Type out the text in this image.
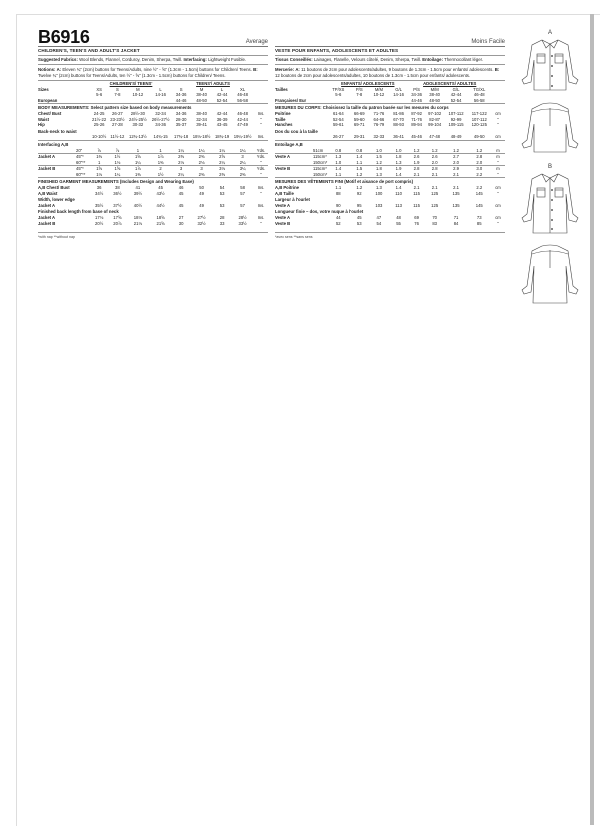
B6916	Average
CHILDREN'S, TEEN'S AND ADULT'S JACKET
Suggested Fabrics: Wool Blends, Flannel, Corduroy, Denim, Sherpa, Twill. Interfacing: Lightweight Fusible.
Notions: A: Eleven ¾" (2cm) buttons for Teens/Adults, nine ½" - ⅝" (1.3cm - 1.5cm) buttons for Children/ Teens. B: Twelve ¾" (2cm) buttons for Teens/Adults, ten ½" - ⅝" (1.3cm - 1.5cm) buttons for Children/ Teens.
		CHILDREN'S/ TEENS'				TEENS'/ ADULTS				
Sizes		XS	S	M	L	S	M	L	XL	
		5-6	7-8	10-12	14-16	34-36	38-40	42-44	46-48	
European						44-46	48-50	52-54	56-58	
BODY MEASUREMENTS: Select pattern size based on body measurements										
Chest/ Bust		24-25	26-27	28½-30	32-34	34-36	38-40	42-44	46-48	Ins.
Waist		21½-22	23-23½	24½-25½	26½-27½	28-30	32-34	36-39	42-44	"
Hip		25-26	27-28	30-32	34-36	35-37	39-41	43-45	47-49	"
Back-neck to waist										
		10-10½	11½-12	12¾-13½	14¾-15	17¾-18	18⅛-18½	18¾-19	19¼-19½	Ins.
Interfacing A,B										
	20"	⅞	⅞	1	1	1¼	1¼	1¼	1¼	Yds.
Jacket A	45"*	1⅜	1½	1⅝	1⅞	2⅜	2⅜	2⅝	3	Yds.
	60"**	1	1⅛	1¼	1⅜	2⅛	2⅛	2¼	2¼	"
Jacket B	45"*	1⅝	1⅝	1⅞	2	3	3	3⅛	3¼	Yds.
	60"**	1⅛	1¼	1⅜	1½	2¼	2⅜	2⅜	2⅜	"
FINISHED GARMENT MEASUREMENTS (Includes Design and Wearing Ease)										
A,B Chest/ Bust		36	38	41	45	46	50	54	58	Ins.
A,B Waist		34½	36½	39½	43½	45	49	53	57	"
Width, lower edge										
Jacket A		35½	37½	40½	44½	45	49	53	57	Ins.
Finished back length from base of neck										
Jacket A		17⅛	17⅝	18⅛	18⅝	27	27½	28	28½	Ins.
Jacket B		20½	20⅞	21⅛	21⅝	30	32½	33	33½	"
*with nap **without nap
Moins Facile
VESTE POUR ENFANTS, ADOLESCENTS ET ADULTES
Tissus Conseillés: Lainages, Flanelle, Velours côtelé, Denim, Sherpa, Twill. Entoilage: Thermocollant léger.
Mercerie: A: 11 boutons de 2cm pour adolescents/adultes, 9 boutons de 1.3cm - 1.5cm pour enfants/ adolescents. B: 12 boutons de 2cm pour adolescents/adultes, 10 boutons de 1.3cm - 1.5cm pour enfants/ adolescents.
		ENFANTS/ ADOLESCENTS				ADOLESCENTS/ ADULTES				
Tailles		TP/XS	P/S	M/M	G/L	P/S	M/M	G/L	TG/XL	
		5-6	7-8	10-12	14-16	34-36	38-40	42-44	46-48	
Françaises/ Eur						44-46	48-50	52-54	56-58	
MESURES DU CORPS: Choisissez la taille du patron basée sur les mesures du corps										
Poitrine		61-64	66-69	71-76	81-86	87-92	97-102	107-112	117-122	cm
Taille		52-54	59-60	64-66	67-70	71-76	82-87	92-99	107-112	"
Hanches		59-61	69-71	76-79	88-93	89-94	99-104	109-115	120-125	"
Dos du cou à la taille										
		26-27	29-31	32-33	36-41	45-46	47-48	48-49	49-50	cm
Entoilage A,B										
	51cm	0.8	0.8	1.0	1.0	1.2	1.2	1.2	1.2	m
Veste A	115cm*	1.3	1.4	1.5	1.8	2.6	2.6	2.7	2.8	m
	150cm*	1.0	1.1	1.2	1.3	1.9	2.0	2.0	2.0	"
Veste B	115cm*	1.4	1.5	1.8	1.9	2.8	2.8	2.9	3.0	m
	150cm*	1.1	1.2	1.3	1.4	2.1	2.1	2.1	2.2	"
MESURES DES VÊTEMENTS FINI (Motif et aisance de port compris)										
A,B Poitrine		1.1	1.2	1.3	1.4	2.1	2.1	2.1	2.2	cm
A,B Taille		88	92	100	110	115	125	135	145	"
Largeur à l'ourlet										
Veste A		90	95	103	113	115	125	135	145	cm
Longueur finie – dos, votre nuque à l'ourlet										
Veste A		44	45	47	48	69	70	71	73	cm
Veste B		52	53	54	55	76	83	84	85	"
*avec sens **sans sens

A

B
